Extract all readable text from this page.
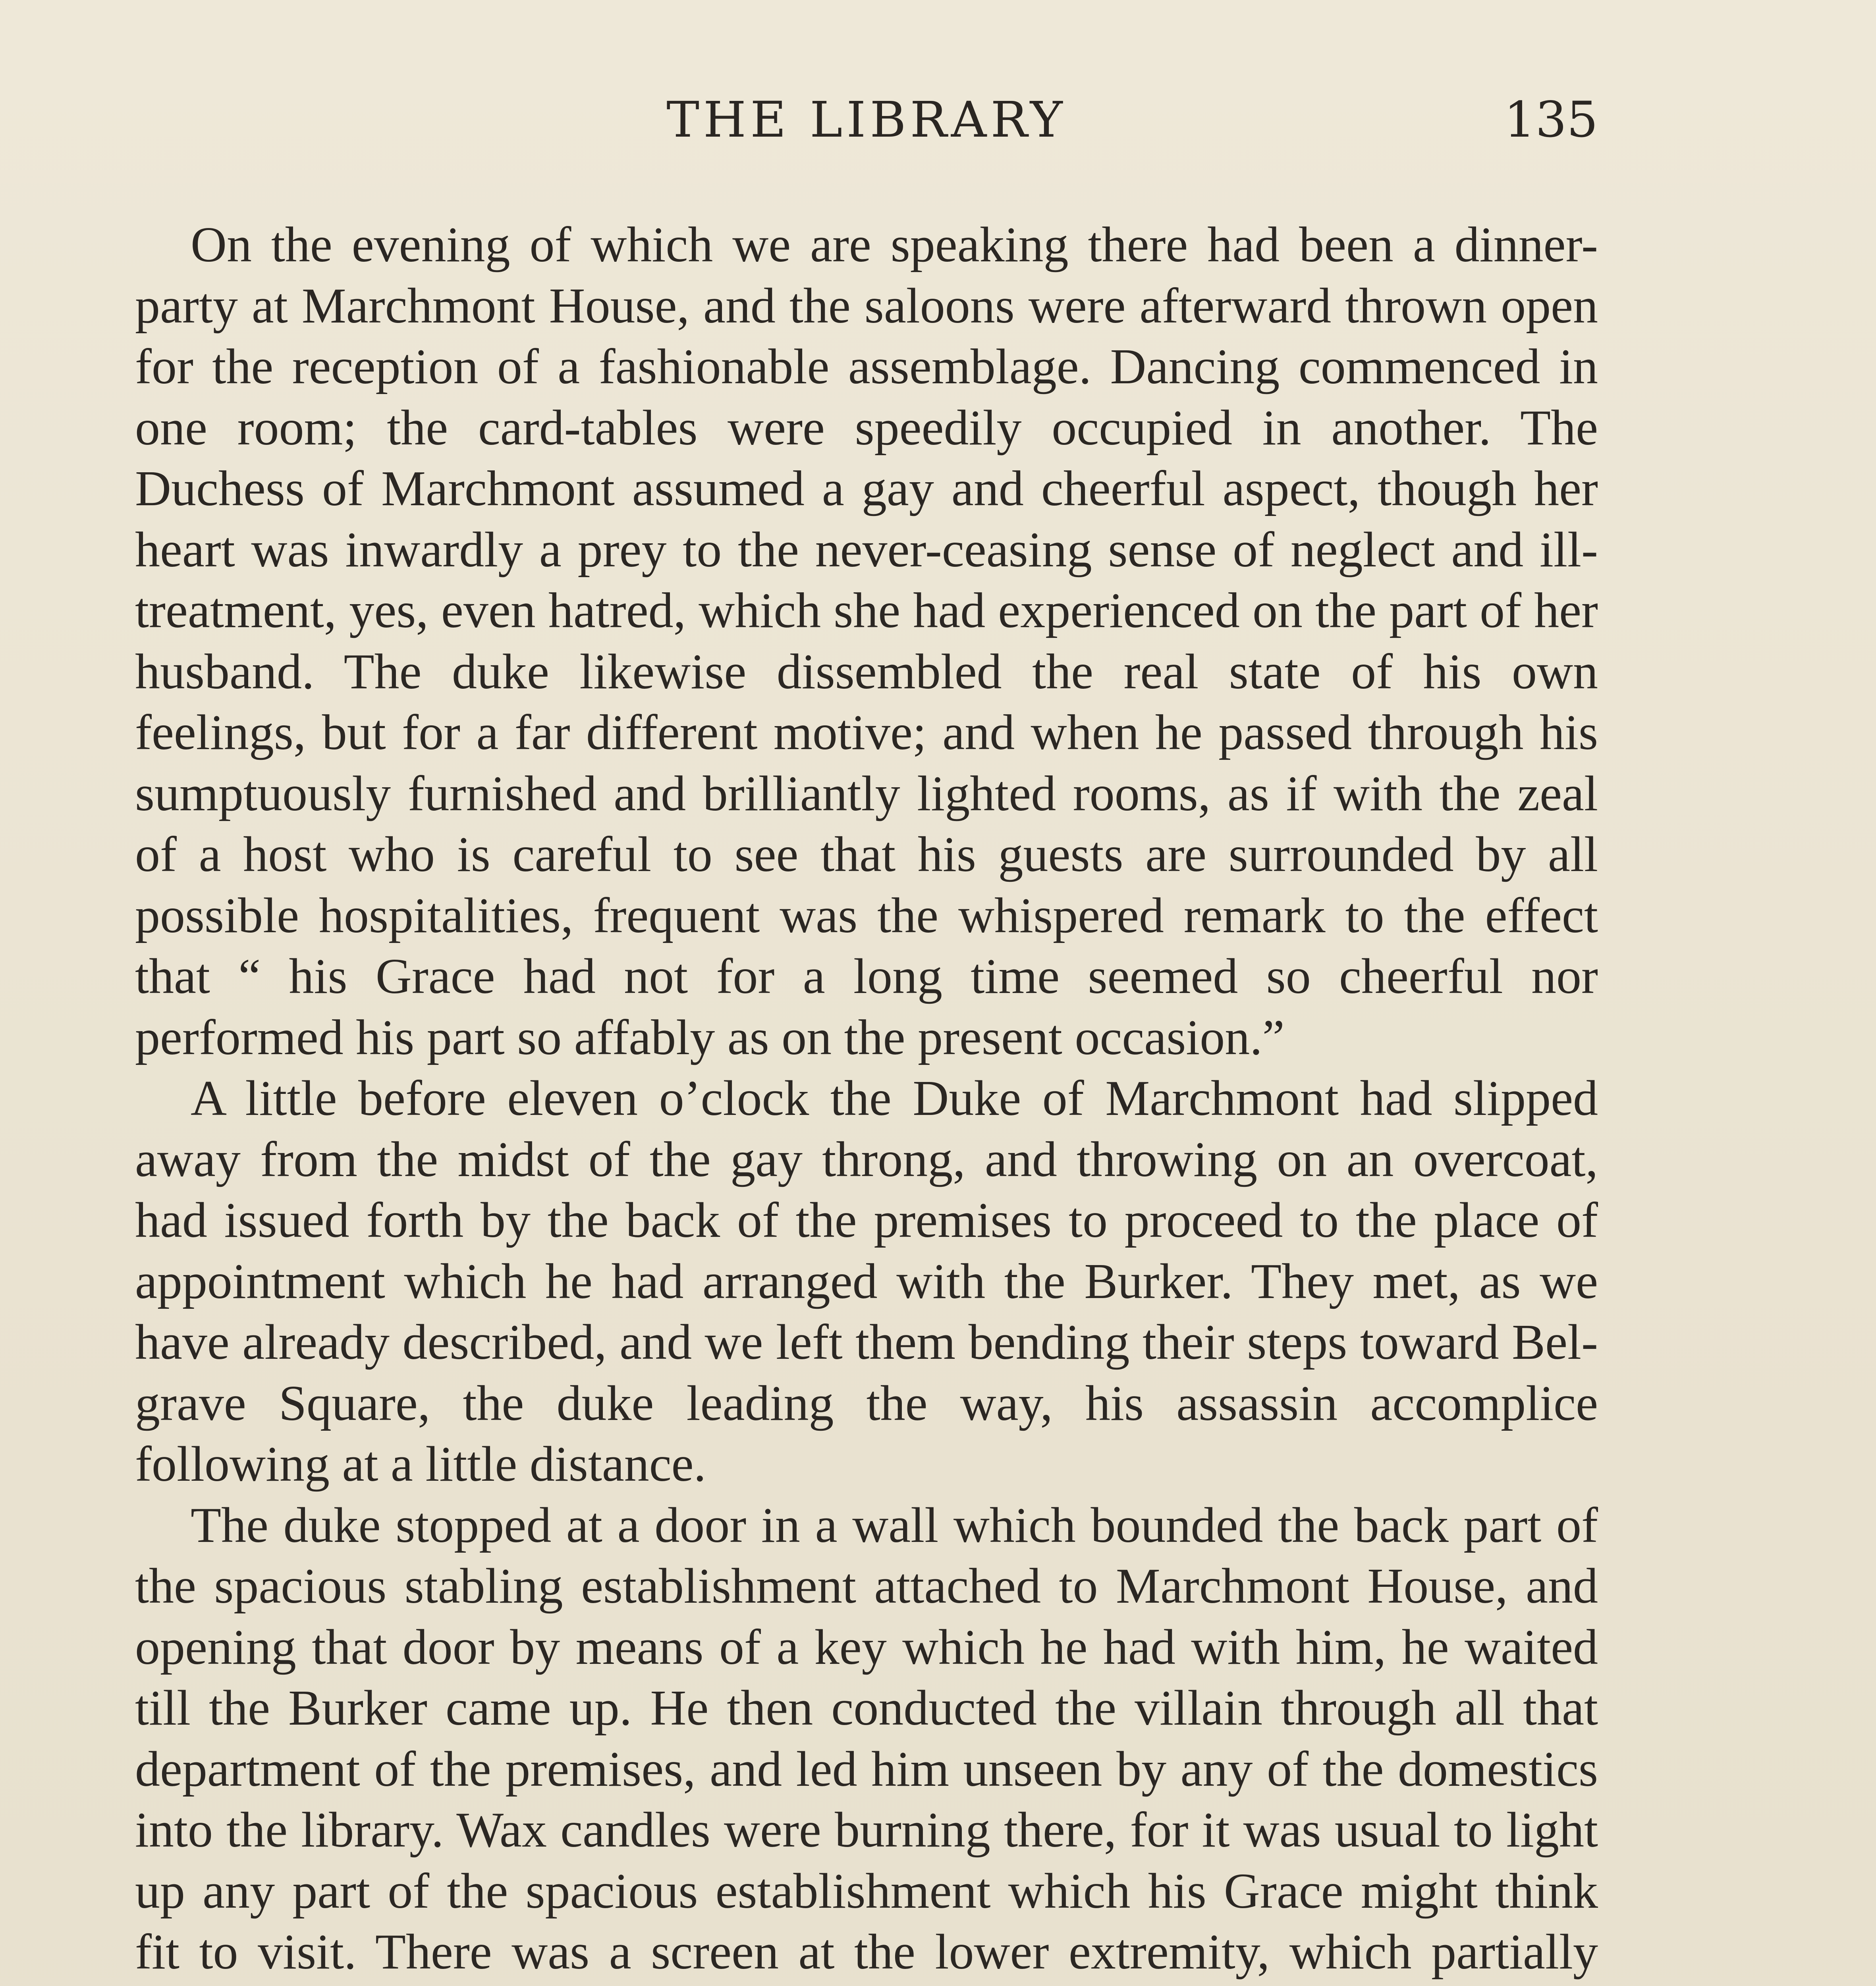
THE LIBRARY	135

On the evening of which we are speaking there had been a dinner-party at Marchmont House, and the saloons were afterward thrown open for the reception of a fashionable assemblage. Dancing commenced in one room; the card-tables were speedily occupied in another. The Duchess of Marchmont assumed a gay and cheerful aspect, though her heart was inwardly a prey to the never-ceasing sense of neglect and ill-treatment, yes, even hatred, which she had experienced on the part of her husband. The duke likewise dissembled the real state of his own feelings, but for a far different motive; and when he passed through his sumptuously furnished and brilliantly lighted rooms, as if with the zeal of a host who is careful to see that his guests are surrounded by all possible hospitalities, frequent was the whispered remark to the effect that “ his Grace had not for a long time seemed so cheerful nor performed his part so affably as on the present occasion.”

A little before eleven o’clock the Duke of Marchmont had slipped away from the midst of the gay throng, and throwing on an overcoat, had issued forth by the back of the premises to proceed to the place of appointment which he had arranged with the Burker. They met, as we have already described, and we left them bending their steps toward Belgrave Square, the duke leading the way, his assassin accomplice following at a little distance.

The duke stopped at a door in a wall which bounded the back part of the spacious stabling establishment attached to Marchmont House, and opening that door by means of a key which he had with him, he waited till the Burker came up. He then conducted the villain through all that department of the premises, and led him unseen by any of the domestics into the library. Wax candles were burning there, for it was usual to light up any part of the spacious establishment which his Grace might think fit to visit. There was a screen at the lower extremity, which partially
